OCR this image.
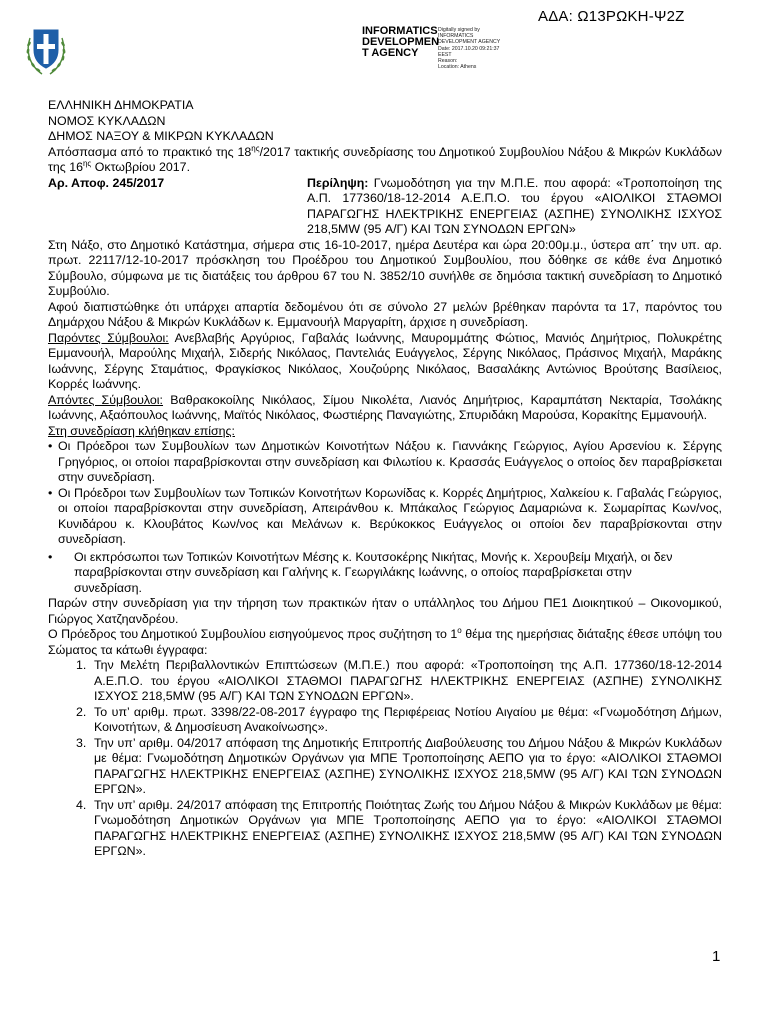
ΑΔΑ: Ω13ΡΩΚΗ-Ψ2Ζ
INFORMATICS
DEVELOPMEN
T AGENCY
Digitally signed by
INFORMATICS
DEVELOPMENT AGENCY
Date: 2017.10.20 09:21:37
EEST
Reason:
Location: Athens

ΕΛΛΗΝΙΚΗ ΔΗΜΟΚΡΑΤΙΑ

ΝΟΜΟΣ ΚΥΚΛΑΔΩΝ

ΔΗΜΟΣ ΝΑΞΟΥ & ΜΙΚΡΩΝ ΚΥΚΛΑΔΩΝ

Απόσπασμα από το πρακτικό της $18^{\eta\varsigma}/2017$ τακτικής συνεδρίασης του Δημοτικού Συμβουλίου Νάξου & Μικρών Κυκλάδων της $16^{\eta\varsigma}$ Οκτωβρίου 2017.

Αρ. Αποφ. 245/2017	Περίληψη: Γνωμοδότηση για την Μ.Π.Ε. που αφορά: «Τροποποίηση της Α.Π. 177360/18-12-2014 Α.Ε.Π.Ο. του έργου «ΑΙΟΛΙΚΟΙ ΣΤΑΘΜΟΙ ΠΑΡΑΓΩΓΗΣ ΗΛΕΚΤΡΙΚΗΣ ΕΝΕΡΓΕΙΑΣ (ΑΣΠΗΕ) ΣΥΝΟΛΙΚΗΣ ΙΣΧΥΟΣ 218,5MW (95 Α/Γ) ΚΑΙ ΤΩΝ ΣΥΝΟΔΩΝ ΕΡΓΩΝ»

Στη Νάξο, στο Δημοτικό Κατάστημα, σήμερα στις 16-10-2017, ημέρα Δευτέρα και ώρα 20:00μ.μ., ύστερα απ΄ την υπ. αρ. πρωτ. 22117/12-10-2017 πρόσκληση του Προέδρου του Δημοτικού Συμβουλίου, που δόθηκε σε κάθε ένα Δημοτικό Σύμβουλο, σύμφωνα με τις διατάξεις του άρθρου 67 του Ν. 3852/10 συνήλθε σε δημόσια τακτική συνεδρίαση το Δημοτικό Συμβούλιο.

Αφού διαπιστώθηκε ότι υπάρχει απαρτία δεδομένου ότι σε σύνολο 27 μελών βρέθηκαν παρόντα τα 17, παρόντος του Δημάρχου Νάξου & Μικρών Κυκλάδων κ. Εμμανουήλ Μαργαρίτη, άρχισε η συνεδρίαση.

Παρόντες Σύμβουλοι: Ανεβλαβής Αργύριος, Γαβαλάς Ιωάννης, Μαυρομμάτης Φώτιος, Μανιός Δημήτριος, Πολυκρέτης Εμμανουήλ, Μαρούλης Μιχαήλ, Σιδερής Νικόλαος, Παντελιάς Ευάγγελος, Σέργης Νικόλαος, Πράσινος Μιχαήλ, Μαράκης Ιωάννης, Σέργης Σταμάτιος, Φραγκίσκος Νικόλαος, Χουζούρης Νικόλαος, Βασαλάκης Αντώνιος Βρούτσης Βασίλειος, Κορρές Ιωάννης.

Απόντες Σύμβουλοι: Βαθρακοκοίλης Νικόλαος, Σίμου Νικολέτα, Λιανός Δημήτριος, Καραμπάτση Νεκταρία, Τσολάκης Ιωάννης, Αξαόπουλος Ιωάννης, Μαϊτός Νικόλαος, Φωστιέρης Παναγιώτης, Σπυριδάκη Μαρούσα, Κορακίτης Εμμανουήλ.

Στη συνεδρίαση κλήθηκαν επίσης:

• Οι Πρόεδροι των Συμβουλίων των Δημοτικών Κοινοτήτων Νάξου κ. Γιαννάκης Γεώργιος, Αγίου Αρσενίου κ. Σέργης Γρηγόριος, οι οποίοι παραβρίσκονται στην συνεδρίαση και Φιλωτίου κ. Κρασσάς Ευάγγελος ο οποίος δεν παραβρίσκεται στην συνεδρίαση.
• Οι Πρόεδροι των Συμβουλίων των Τοπικών Κοινοτήτων Κορωνίδας κ. Κορρές Δημήτριος, Χαλκείου κ. Γαβαλάς Γεώργιος, οι οποίοι παραβρίσκονται στην συνεδρίαση, Απειράνθου κ. Μπάκαλος Γεώργιος Δαμαριώνα κ. Σωμαρίπας Κων/νος, Κυνιδάρου κ. Κλουβάτος Κων/νος και Μελάνων κ. Βερύκοκκος Ευάγγελος οι οποίοι δεν παραβρίσκονται στην συνεδρίαση.
•	Οι εκπρόσωποι των Τοπικών Κοινοτήτων Μέσης κ. Κουτσοκέρης Νικήτας, Μονής κ. Χερουβείμ Μιχαήλ, οι δεν παραβρίσκονται στην συνεδρίαση και Γαλήνης κ. Γεωργιλάκης Ιωάννης, ο οποίος παραβρίσκεται στην συνεδρίαση.

Παρών στην συνεδρίαση για την τήρηση των πρακτικών ήταν ο υπάλληλος του Δήμου ΠΕ1 Διοικητικού – Οικονομικού, Γιώργος Χατζηανδρέου.

Ο Πρόεδρος του Δημοτικού Συμβουλίου εισηγούμενος προς συζήτηση το $1^o$ θέμα της ημερήσιας διάταξης έθεσε υπόψη του Σώματος τα κάτωθι έγγραφα:

1. Την Μελέτη Περιβαλλοντικών Επιπτώσεων (Μ.Π.Ε.) που αφορά: «Τροποποίηση της Α.Π. 177360/18-12-2014 Α.Ε.Π.Ο. του έργου «ΑΙΟΛΙΚΟΙ ΣΤΑΘΜΟΙ ΠΑΡΑΓΩΓΗΣ ΗΛΕΚΤΡΙΚΗΣ ΕΝΕΡΓΕΙΑΣ (ΑΣΠΗΕ) ΣΥΝΟΛΙΚΗΣ ΙΣΧΥΟΣ 218,5MW (95 Α/Γ) ΚΑΙ ΤΩΝ ΣΥΝΟΔΩΝ ΕΡΓΩΝ».
2. Το υπ’ αριθμ. πρωτ. 3398/22-08-2017 έγγραφο της Περιφέρειας Νοτίου Αιγαίου με θέμα: «Γνωμοδότηση Δήμων, Κοινοτήτων, & Δημοσίευση Ανακοίνωσης».
3. Την υπ’ αριθμ. 04/2017 απόφαση της Δημοτικής Επιτροπής Διαβούλευσης του Δήμου Νάξου & Μικρών Κυκλάδων με θέμα: Γνωμοδότηση Δημοτικών Οργάνων για ΜΠΕ Τροποποίησης ΑΕΠΟ για το έργο: «ΑΙΟΛΙΚΟΙ ΣΤΑΘΜΟΙ ΠΑΡΑΓΩΓΗΣ ΗΛΕΚΤΡΙΚΗΣ ΕΝΕΡΓΕΙΑΣ (ΑΣΠΗΕ) ΣΥΝΟΛΙΚΗΣ ΙΣΧΥΟΣ 218,5MW (95 Α/Γ) ΚΑΙ ΤΩΝ ΣΥΝΟΔΩΝ ΕΡΓΩΝ».
4. Την υπ’ αριθμ. 24/2017 απόφαση της Επιτροπής Ποιότητας Ζωής του Δήμου Νάξου & Μικρών Κυκλάδων με θέμα: Γνωμοδότηση Δημοτικών Οργάνων για ΜΠΕ Τροποποίησης ΑΕΠΟ για το έργο: «ΑΙΟΛΙΚΟΙ ΣΤΑΘΜΟΙ ΠΑΡΑΓΩΓΗΣ ΗΛΕΚΤΡΙΚΗΣ ΕΝΕΡΓΕΙΑΣ (ΑΣΠΗΕ) ΣΥΝΟΛΙΚΗΣ ΙΣΧΥΟΣ 218,5MW (95 Α/Γ) ΚΑΙ ΤΩΝ ΣΥΝΟΔΩΝ ΕΡΓΩΝ».
1
